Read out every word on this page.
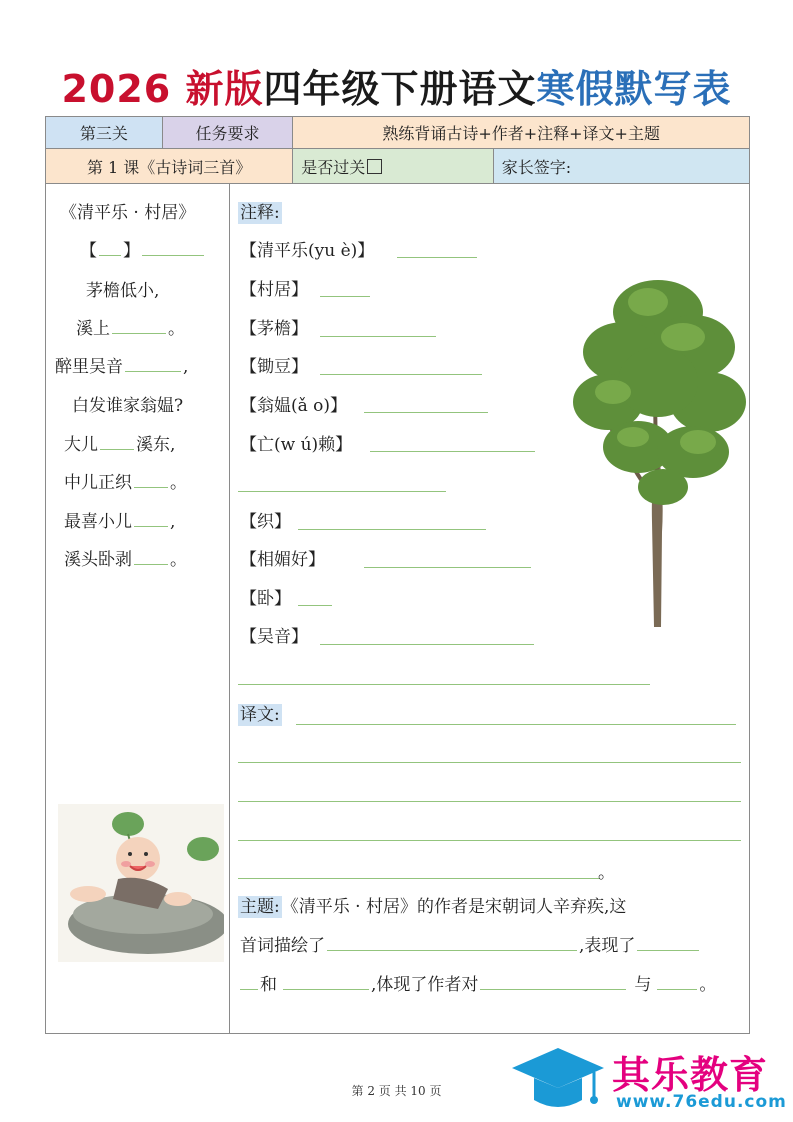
2026 新版四年级下册语文寒假默写表
第三关	任务要求	熟练背诵古诗+作者+注释+译文+主题
第 1 课《古诗词三首》	是否过关	家长签字:
《清平乐 · 村居》
【 】
茅檐低小,
溪上	。
醉里吴音	,
白发谁家翁媪?
大儿 溪东,
中儿正织 。
最喜小儿 ,
溪头卧剥 。
注释:
【清平乐(yu è)】
【村居】
【茅檐】
【锄豆】
【翁媪(ǎ o)】
【亡(w ú)赖】
【织】
【相媚好】
【卧】
【吴音】
译文:
。
主题: 《清平乐 · 村居》的作者是宋朝词人辛弃疾,这
首词描绘了	,表现了
和	,体现了作者对	与	。
第 2 页 共 10 页	其乐教育
www.76edu.com
